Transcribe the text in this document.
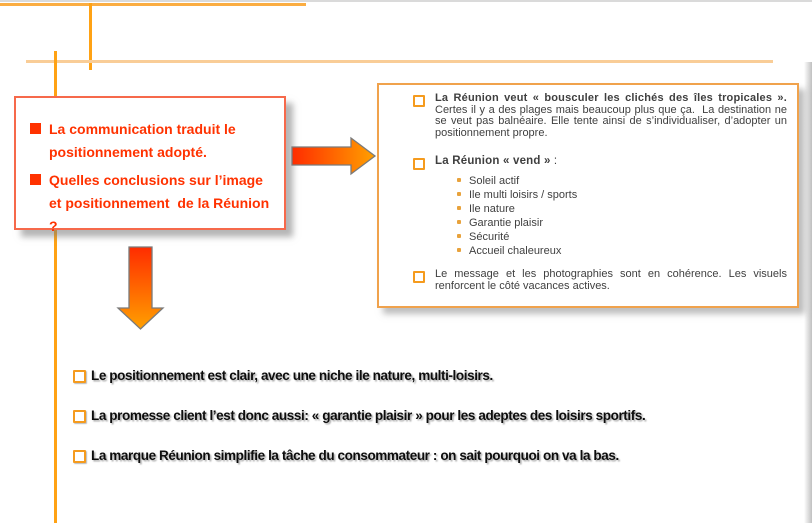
La communication traduit le positionnement adopté.
Quelles conclusions sur l’image et positionnement  de la Réunion ?

La Réunion veut « bousculer les clichés des îles tropicales ». Certes il y a des plages mais beaucoup plus que ça.  La destination ne se veut pas balnéaire. Elle tente ainsi de s’individualiser, d’adopter un positionnement propre.

La Réunion « vend » :

Soleil actif
Ile multi loisirs / sports
Ile nature
Garantie plaisir
Sécurité
Accueil chaleureux

Le message et les photographies sont en cohérence. Les visuels renforcent le côté vacances actives.

Le positionnement est clair, avec une niche ile nature, multi-loisirs.
La promesse client l’est donc aussi: « garantie plaisir » pour les adeptes des loisirs sportifs.
La marque Réunion simplifie la tâche du consommateur : on sait pourquoi on va la bas.
